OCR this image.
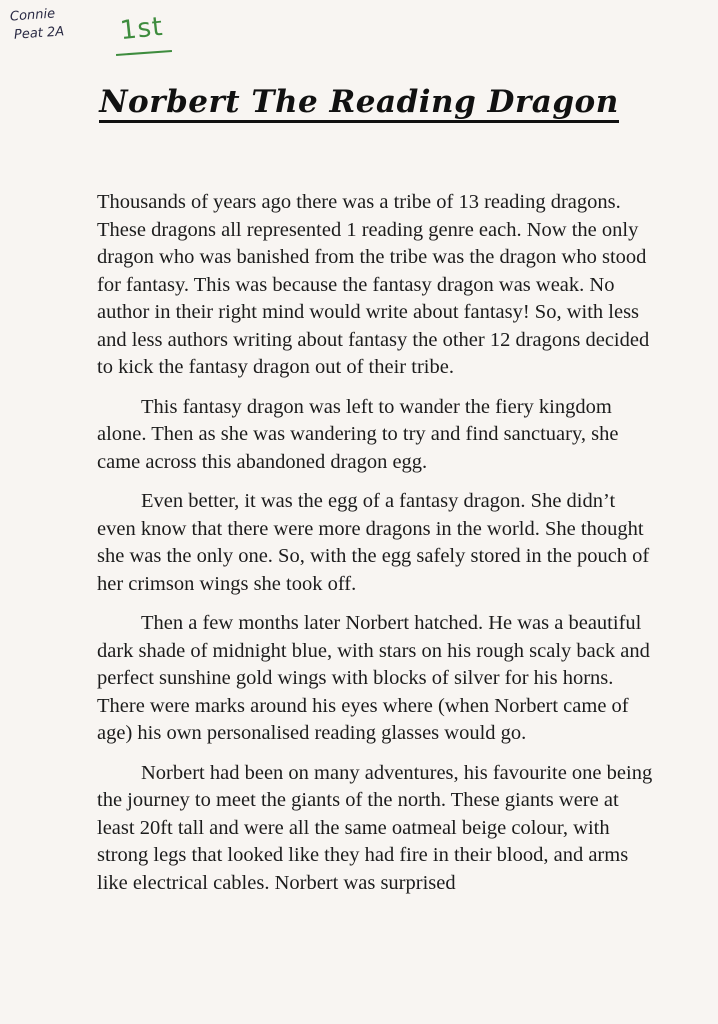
Connie
Peat 2A 1st
Norbert The Reading Dragon

Thousands of years ago there was a tribe of 13 reading dragons. These dragons all represented 1 reading genre each. Now the only dragon who was banished from the tribe was the dragon who stood for fantasy. This was because the fantasy dragon was weak. No author in their right mind would write about fantasy! So, with less and less authors writing about fantasy the other 12 dragons decided to kick the fantasy dragon out of their tribe.

This fantasy dragon was left to wander the fiery kingdom alone. Then as she was wandering to try and find sanctuary, she came across this abandoned dragon egg.

Even better, it was the egg of a fantasy dragon. She didn’t even know that there were more dragons in the world. She thought she was the only one. So, with the egg safely stored in the pouch of her crimson wings she took off.

Then a few months later Norbert hatched. He was a beautiful dark shade of midnight blue, with stars on his rough scaly back and perfect sunshine gold wings with blocks of silver for his horns. There were marks around his eyes where (when Norbert came of age) his own personalised reading glasses would go.

Norbert had been on many adventures, his favourite one being the journey to meet the giants of the north. These giants were at least 20ft tall and were all the same oatmeal beige colour, with strong legs that looked like they had fire in their blood, and arms like electrical cables. Norbert was surprised
